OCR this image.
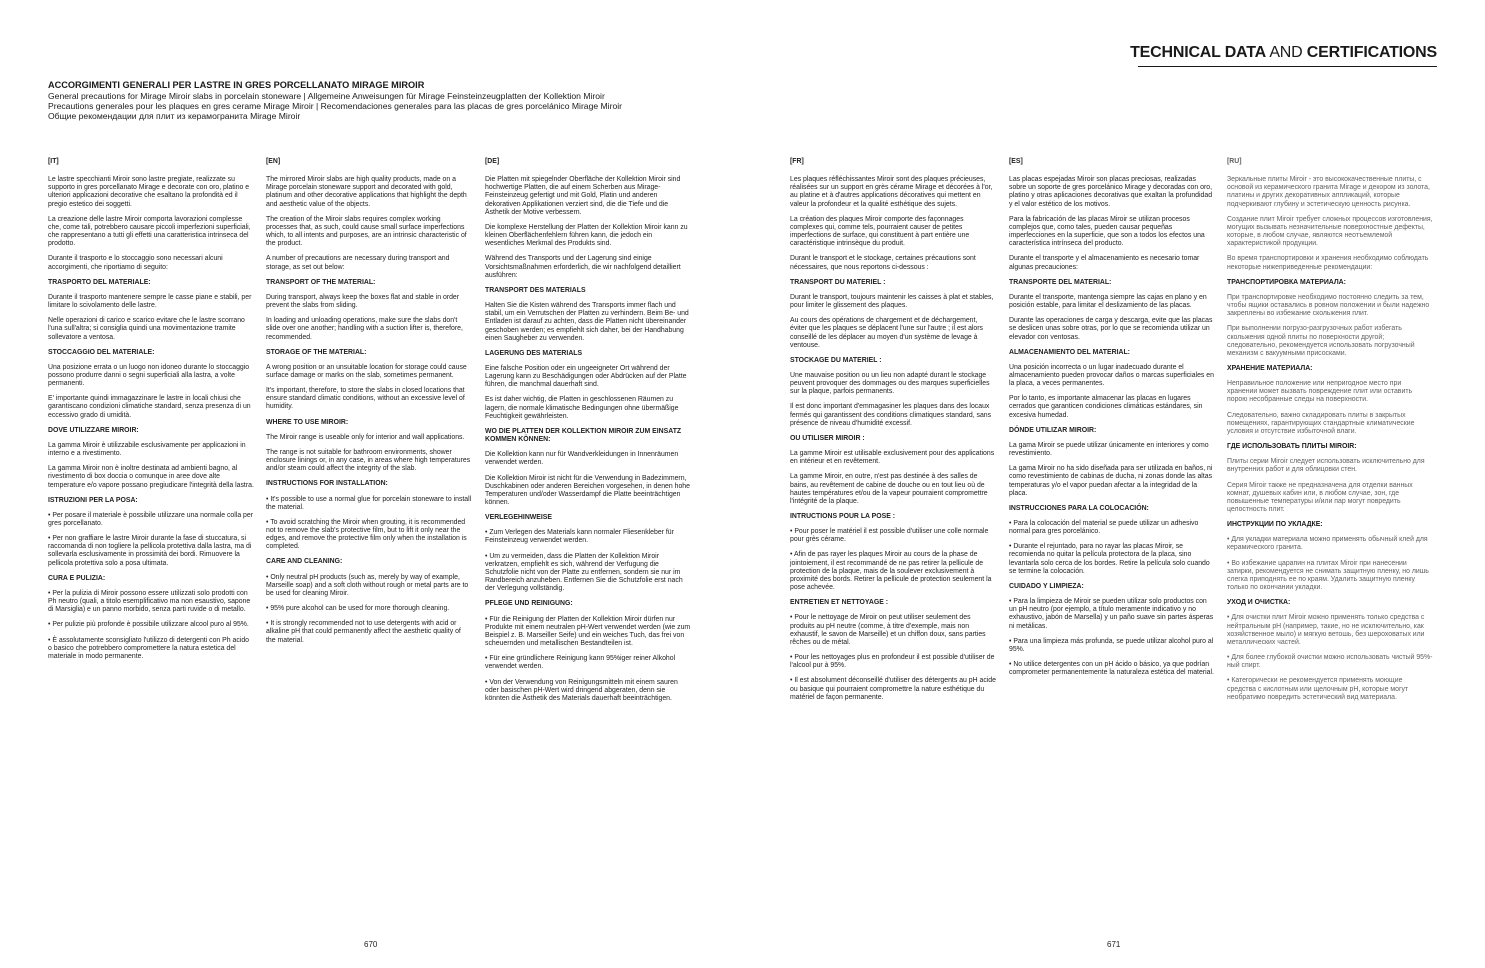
TECHNICAL DATA AND CERTIFICATIONS
ACCORGIMENTI GENERALI PER LASTRE IN GRES PORCELLANATO MIRAGE MIROIR
General precautions for Mirage Miroir slabs in porcelain stoneware | Allgemeine Anweisungen für Mirage Feinsteinzeugplatten der Kollektion Miroir
Precautions generales pour les plaques en gres cerame Mirage Miroir | Recomendaciones generales para las placas de gres porcelánico Mirage Miroir
Общие рекомендации для плит из керамогранита Mirage Miroir
[IT]

Le lastre specchianti Miroir sono lastre pregiate, realizzate su supporto in gres porcellanato Mirage e decorate con oro, platino e ulteriori applicazioni decorative che esaltano la profondità ed il pregio estetico dei soggetti.

La creazione delle lastre Miroir comporta lavorazioni complesse che, come tali, potrebbero causare piccoli imperfezioni superficiali, che rappresentano a tutti gli effetti una caratteristica intrinseca del prodotto.

Durante il trasporto e lo stoccaggio sono necessari alcuni accorgimenti, che riportiamo di seguito:

TRASPORTO DEL MATERIALE:

Durante il trasporto mantenere sempre le casse piane e stabili, per limitare lo scivolamento delle lastre.

Nelle operazioni di carico e scarico evitare che le lastre scorrano l'una sull'altra; si consiglia quindi una movimentazione tramite sollevatore a ventosa.

STOCCAGGIO DEL MATERIALE:

Una posizione errata o un luogo non idoneo durante lo stoccaggio possono produrre danni o segni superficiali alla lastra, a volte permanenti.

E' importante quindi immagazzinare le lastre in locali chiusi che garantiscano condizioni climatiche standard, senza presenza di un eccessivo grado di umidità.

DOVE UTILIZZARE MIROIR:

La gamma Miroir è utilizzabile esclusivamente per applicazioni in interno e a rivestimento.

La gamma Miroir non è inoltre destinata ad ambienti bagno, al rivestimento di box doccia o comunque in aree dove alte temperature e/o vapore possano pregiudicare l'integrità della lastra.

ISTRUZIONI PER LA POSA:

• Per posare il materiale è possibile utilizzare una normale colla per gres porcellanato.

• Per non graffiare le lastre Miroir durante la fase di stuccatura, si raccomanda di non togliere la pellicola protettiva dalla lastra, ma di sollevarla esclusivamente in prossimità dei bordi. Rimuovere la pellicola protettiva solo a posa ultimata.

CURA E PULIZIA:

• Per la pulizia di Miroir possono essere utilizzati solo prodotti con Ph neutro (quali, a titolo esemplificativo ma non esaustivo, sapone di Marsiglia) e un panno morbido, senza parti ruvide o di metallo.

• Per pulizie più profonde è possibile utilizzare alcool puro al 95%.

• È assolutamente sconsigliato l'utilizzo di detergenti con Ph acido o basico che potrebbero compromettere la natura estetica del materiale in modo permanente.

[EN]

The mirrored Miroir slabs are high quality products, made on a Mirage porcelain stoneware support and decorated with gold, platinum and other decorative applications that highlight the depth and aesthetic value of the objects.

The creation of the Miroir slabs requires complex working processes that, as such, could cause small surface imperfections which, to all intents and purposes, are an intrinsic characteristic of the product.

A number of precautions are necessary during transport and storage, as set out below:

TRANSPORT OF THE MATERIAL:

During transport, always keep the boxes flat and stable in order prevent the slabs from sliding.

In loading and unloading operations, make sure the slabs don't slide over one another; handling with a suction lifter is, therefore, recommended.

STORAGE OF THE MATERIAL:

A wrong position or an unsuitable location for storage could cause surface damage or marks on the slab, sometimes permanent.

It's important, therefore, to store the slabs in closed locations that ensure standard climatic conditions, without an excessive level of humidity.

WHERE TO USE MIROIR:

The Miroir range is useable only for interior and wall applications.

The range is not suitable for bathroom environments, shower enclosure linings or, in any case, in areas where high temperatures and/or steam could affect the integrity of the slab.

INSTRUCTIONS FOR INSTALLATION:

• It's possible to use a normal glue for porcelain stoneware to install the material.

• To avoid scratching the Miroir when grouting, it is recommended not to remove the slab's protective film, but to lift it only near the edges, and remove the protective film only when the installation is completed.

CARE AND CLEANING:

• Only neutral pH products (such as, merely by way of example, Marseille soap) and a soft cloth without rough or metal parts are to be used for cleaning Miroir.

• 95% pure alcohol can be used for more thorough cleaning.

• It is strongly recommended not to use detergents with acid or alkaline pH that could permanently affect the aesthetic quality of the material.

[DE]

Die Platten mit spiegelnder Oberfläche der Kollektion Miroir sind hochwertige Platten, die auf einem Scherben aus Mirage-Feinsteinzeug gefertigt und mit Gold, Platin und anderen dekorativen Applikationen verziert sind, die die Tiefe und die Ästhetik der Motive verbessern.

Die komplexe Herstellung der Platten der Kollektion Miroir kann zu kleinen Oberflächenfehlern führen kann, die jedoch ein wesentliches Merkmal des Produkts sind.

Während des Transports und der Lagerung sind einige Vorsichtsmaßnahmen erforderlich, die wir nachfolgend detailliert ausführen:

TRANSPORT DES MATERIALS

Halten Sie die Kisten während des Transports immer flach und stabil, um ein Verrutschen der Platten zu verhindern. Beim Be- und Entladen ist darauf zu achten, dass die Platten nicht übereinander geschoben werden; es empfiehlt sich daher, bei der Handhabung einen Saugheber zu verwenden.

LAGERUNG DES MATERIALS

Eine falsche Position oder ein ungeeigneter Ort während der Lagerung kann zu Beschädigungen oder Abdrücken auf der Platte führen, die manchmal dauerhaft sind.

Es ist daher wichtig, die Platten in geschlossenen Räumen zu lagern, die normale klimatische Bedingungen ohne übermäßige Feuchtigkeit gewährleisten.

WO DIE PLATTEN DER KOLLEKTION MIROIR ZUM EINSATZ KOMMEN KÖNNEN:

Die Kollektion kann nur für Wandverkleidungen in Innenräumen verwendet werden.

Die Kollektion Miroir ist nicht für die Verwendung in Badezimmern, Duschkabinen oder anderen Bereichen vorgesehen, in denen hohe Temperaturen und/oder Wasserdampf die Platte beeinträchtigen können.

VERLEGEHINWEISE

• Zum Verlegen des Materials kann normaler Fliesenkleber für Feinsteinzeug verwendet werden.

• Um zu vermeiden, dass die Platten der Kollektion Miroir verkratzen, empfiehlt es sich, während der Verfugung die Schutzfolie nicht von der Platte zu entfernen, sondern sie nur im Randbereich anzuheben. Entfernen Sie die Schutzfolie erst nach der Verlegung vollständig.

PFLEGE UND REINIGUNG:

• Für die Reinigung der Platten der Kollektion Miroir dürfen nur Produkte mit einem neutralen pH-Wert verwendet werden (wie zum Beispiel z. B. Marseiller Seife) und ein weiches Tuch, das frei von scheuernden und metallischen Bestandteilen ist.

• Für eine gründlichere Reinigung kann 95%iger reiner Alkohol verwendet werden.

• Von der Verwendung von Reinigungsmitteln mit einem sauren oder basischen pH-Wert wird dringend abgeraten, denn sie könnten die Ästhetik des Materials dauerhaft beeinträchtigen.

[FR]

Les plaques réfléchissantes Miroir sont des plaques précieuses, réalisées sur un support en grès cérame Mirage et décorées à l'or, au platine et à d'autres applications décoratives qui mettent en valeur la profondeur et la qualité esthétique des sujets.

La création des plaques Miroir comporte des façonnages complexes qui, comme tels, pourraient causer de petites imperfections de surface, qui constituent à part entière une caractéristique intrinsèque du produit.

Durant le transport et le stockage, certaines précautions sont nécessaires, que nous reportons ci-dessous :

TRANSPORT DU MATERIEL :

Durant le transport, toujours maintenir les caisses à plat et stables, pour limiter le glissement des plaques.

Au cours des opérations de chargement et de déchargement, éviter que les plaques se déplacent l'une sur l'autre ; il est alors conseillé de les déplacer au moyen d'un système de levage à ventouse.

STOCKAGE DU MATERIEL :

Une mauvaise position ou un lieu non adapté durant le stockage peuvent provoquer des dommages ou des marques superficielles sur la plaque, parfois permanents.

Il est donc important d'emmagasiner les plaques dans des locaux fermés qui garantissent des conditions climatiques standard, sans présence de niveau d'humidité excessif.

OU UTILISER MIROIR :

La gamme Miroir est utilisable exclusivement pour des applications en intérieur et en revêtement.

La gamme Miroir, en outre, n'est pas destinée à des salles de bains, au revêtement de cabine de douche ou en tout lieu où de hautes températures et/ou de la vapeur pourraient compromettre l'intégrité de la plaque.

INTRUCTIONS POUR LA POSE :

• Pour poser le matériel il est possible d'utiliser une colle normale pour grès cérame.

• Afin de pas rayer les plaques Miroir au cours de la phase de jointoiement, il est recommandé de ne pas retirer la pellicule de protection de la plaque, mais de la soulever exclusivement à proximité des bords. Retirer la pellicule de protection seulement la pose achevée.

ENTRETIEN ET NETTOYAGE :

• Pour le nettoyage de Miroir on peut utiliser seulement des produits au pH neutre (comme, à titre d'exemple, mais non exhaustif, le savon de Marseille) et un chiffon doux, sans parties rêches ou de métal.

• Pour les nettoyages plus en profondeur il est possible d'utiliser de l'alcool pur à 95%.

• Il est absolument déconseillé d'utiliser des détergents au pH acide ou basique qui pourraient compromettre la nature esthétique du matériel de façon permanente.

[ES]

Las placas espejadas Miroir son placas preciosas, realizadas sobre un soporte de gres porcelánico Mirage y decoradas con oro, platino y otras aplicaciones decorativas que exaltan la profundidad y el valor estético de los motivos.

Para la fabricación de las placas Miroir se utilizan procesos complejos que, como tales, pueden causar pequeñas imperfecciones en la superficie, que son a todos los efectos una característica intrínseca del producto.

Durante el transporte y el almacenamiento es necesario tomar algunas precauciones:

TRANSPORTE DEL MATERIAL:

Durante el transporte, mantenga siempre las cajas en plano y en posición estable, para limitar el deslizamiento de las placas.

Durante las operaciones de carga y descarga, evite que las placas se deslicen unas sobre otras, por lo que se recomienda utilizar un elevador con ventosas.

ALMACENAMIENTO DEL MATERIAL:

Una posición incorrecta o un lugar inadecuado durante el almacenamiento pueden provocar daños o marcas superficiales en la placa, a veces permanentes.

Por lo tanto, es importante almacenar las placas en lugares cerrados que garanticen condiciones climáticas estándares, sin excesiva humedad.

DÓNDE UTILIZAR MIROIR:

La gama Miroir se puede utilizar únicamente en interiores y como revestimiento.

La gama Miroir no ha sido diseñada para ser utilizada en baños, ni como revestimiento de cabinas de ducha, ni zonas donde las altas temperaturas y/o el vapor puedan afectar a la integridad de la placa.

INSTRUCCIONES PARA LA COLOCACIÓN:

• Para la colocación del material se puede utilizar un adhesivo normal para gres porcelánico.

• Durante el rejuntado, para no rayar las placas Miroir, se recomienda no quitar la película protectora de la placa, sino levantarla solo cerca de los bordes. Retire la película solo cuando se termine la colocación.

CUIDADO Y LIMPIEZA:

• Para la limpieza de Miroir se pueden utilizar solo productos con un pH neutro (por ejemplo, a título meramente indicativo y no exhaustivo, jabón de Marsella) y un paño suave sin partes ásperas ni metálicas.

• Para una limpieza más profunda, se puede utilizar alcohol puro al 95%.

• No utilice detergentes con un pH ácido o básico, ya que podrían comprometer permanentemente la naturaleza estética del material.

[RU]

Зеркальные плиты Miroir - это высококачественные плиты, с основой из керамического гранита Mirage и декором из золота, платины и других декоративных аппликаций, которые подчеркивают глубину и эстетическую ценность рисунка.

Создание плит Miroir требует сложных процессов изготовления, могущих вызывать незначительные поверхностные дефекты, которые, в любом случае, являются неотъемлемой характеристикой продукции.

Во время транспортировки и хранения необходимо соблюдать некоторые нижеприведенные рекомендации:

ТРАНСПОРТИРОВКА МАТЕРИАЛА:

При транспортировке необходимо постоянно следить за тем, чтобы ящики оставались в ровном положении и были надежно закреплены во избежание скольжения плит.

При выполнении погрузо-разгрузочных работ избегать скольжения одной плиты по поверхности другой; следовательно, рекомендуется использовать погрузочный механизм с вакуумными присосками.

ХРАНЕНИЕ МАТЕРИАЛА:

Неправильное положение или непригодное место при хранении может вызвать повреждение плит или оставить порою несобранные следы на поверхности.

Следовательно, важно складировать плиты в закрытых помещениях, гарантирующих стандартные климатические условия и отсутствие избыточной влаги.

ГДЕ ИСПОЛЬЗОВАТЬ ПЛИТЫ MIROIR:

Плиты серии Miroir следует использовать исключительно для внутренних работ и для облицовки стен.

Серия Miroir также не предназначена для отделки ванных комнат, душевых кабин или, в любом случае, зон, где повышенные температуры и/или пар могут повредить целостность плит.

ИНСТРУКЦИИ ПО УКЛАДКЕ:

• Для укладки материала можно применять обычный клей для керамического гранита.

• Во избежание царапин на плитах Miroir при нанесении затирки, рекомендуется не снимать защитную пленку, но лишь слегка приподнять ее по краям. Удалить защитную пленку только по окончании укладки.

УХОД И ОЧИСТКА:

• Для очистки плит Miroir можно применять только средства с нейтральным pH (например, такие, но не исключительно, как хозяйственное мыло) и мягкую ветошь, без шероховатых или металлических частей.

• Для более глубокой очистки можно использовать чистый 95%-ный спирт.

• Категорически не рекомендуется применять моющие средства с кислотным или щелочным pH, которые могут необратимо повредить эстетический вид материала.

670	671
